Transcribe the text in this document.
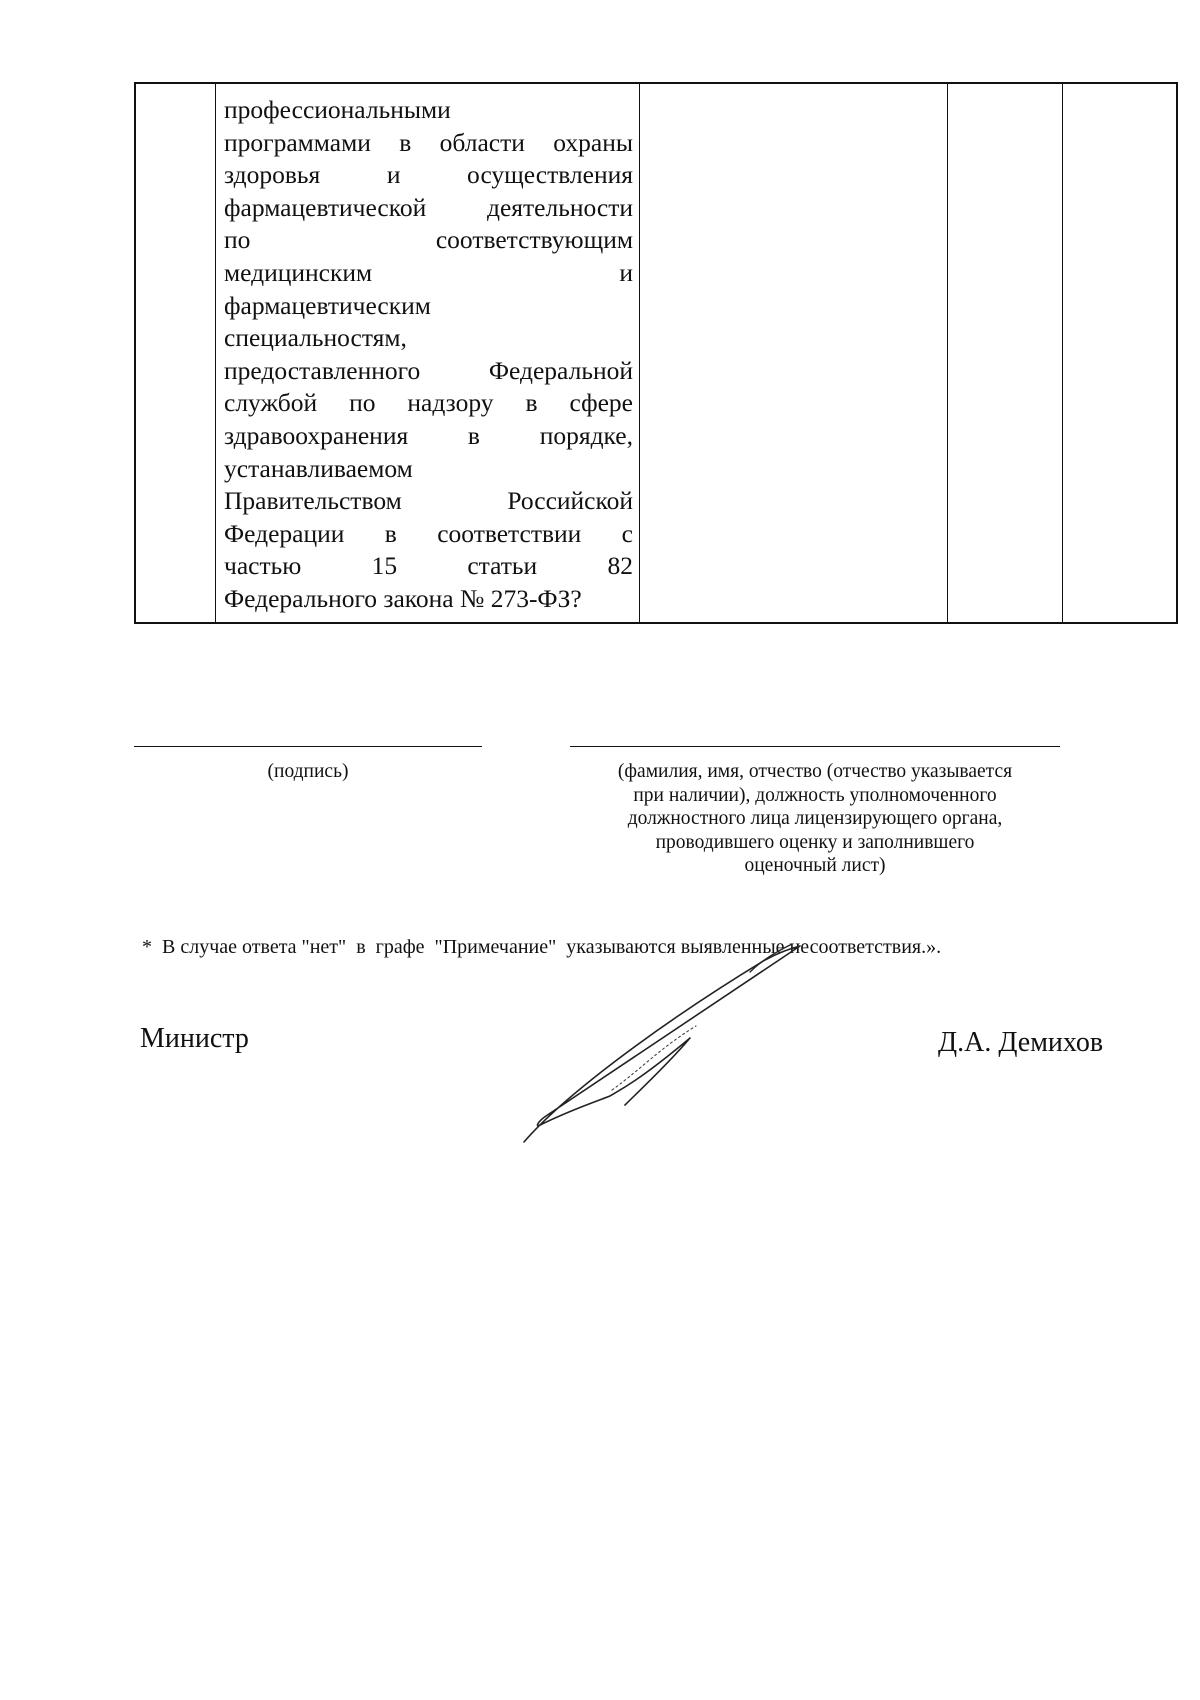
профессиональными
программами в области охраны
здоровья и осуществления
фармацевтической деятельности
по соответствующим
медицинским и
фармацевтическим
специальностям,
предоставленного Федеральной
службой по надзору в сфере
здравоохранения в порядке,
устанавливаемом
Правительством Российской
Федерации в соответствии с
частью 15 статьи 82
Федерального закона № 273-ФЗ?
(подпись)	(фамилия, имя, отчество (отчество указывается
при наличии), должность уполномоченного
должностного лица лицензирующего органа,
проводившего оценку и заполнившего
оценочный лист)
*  В случае ответа "нет"  в  графе  "Примечание"  указываются выявленные несоответствия.».
Министр	Д.А. Демихов
